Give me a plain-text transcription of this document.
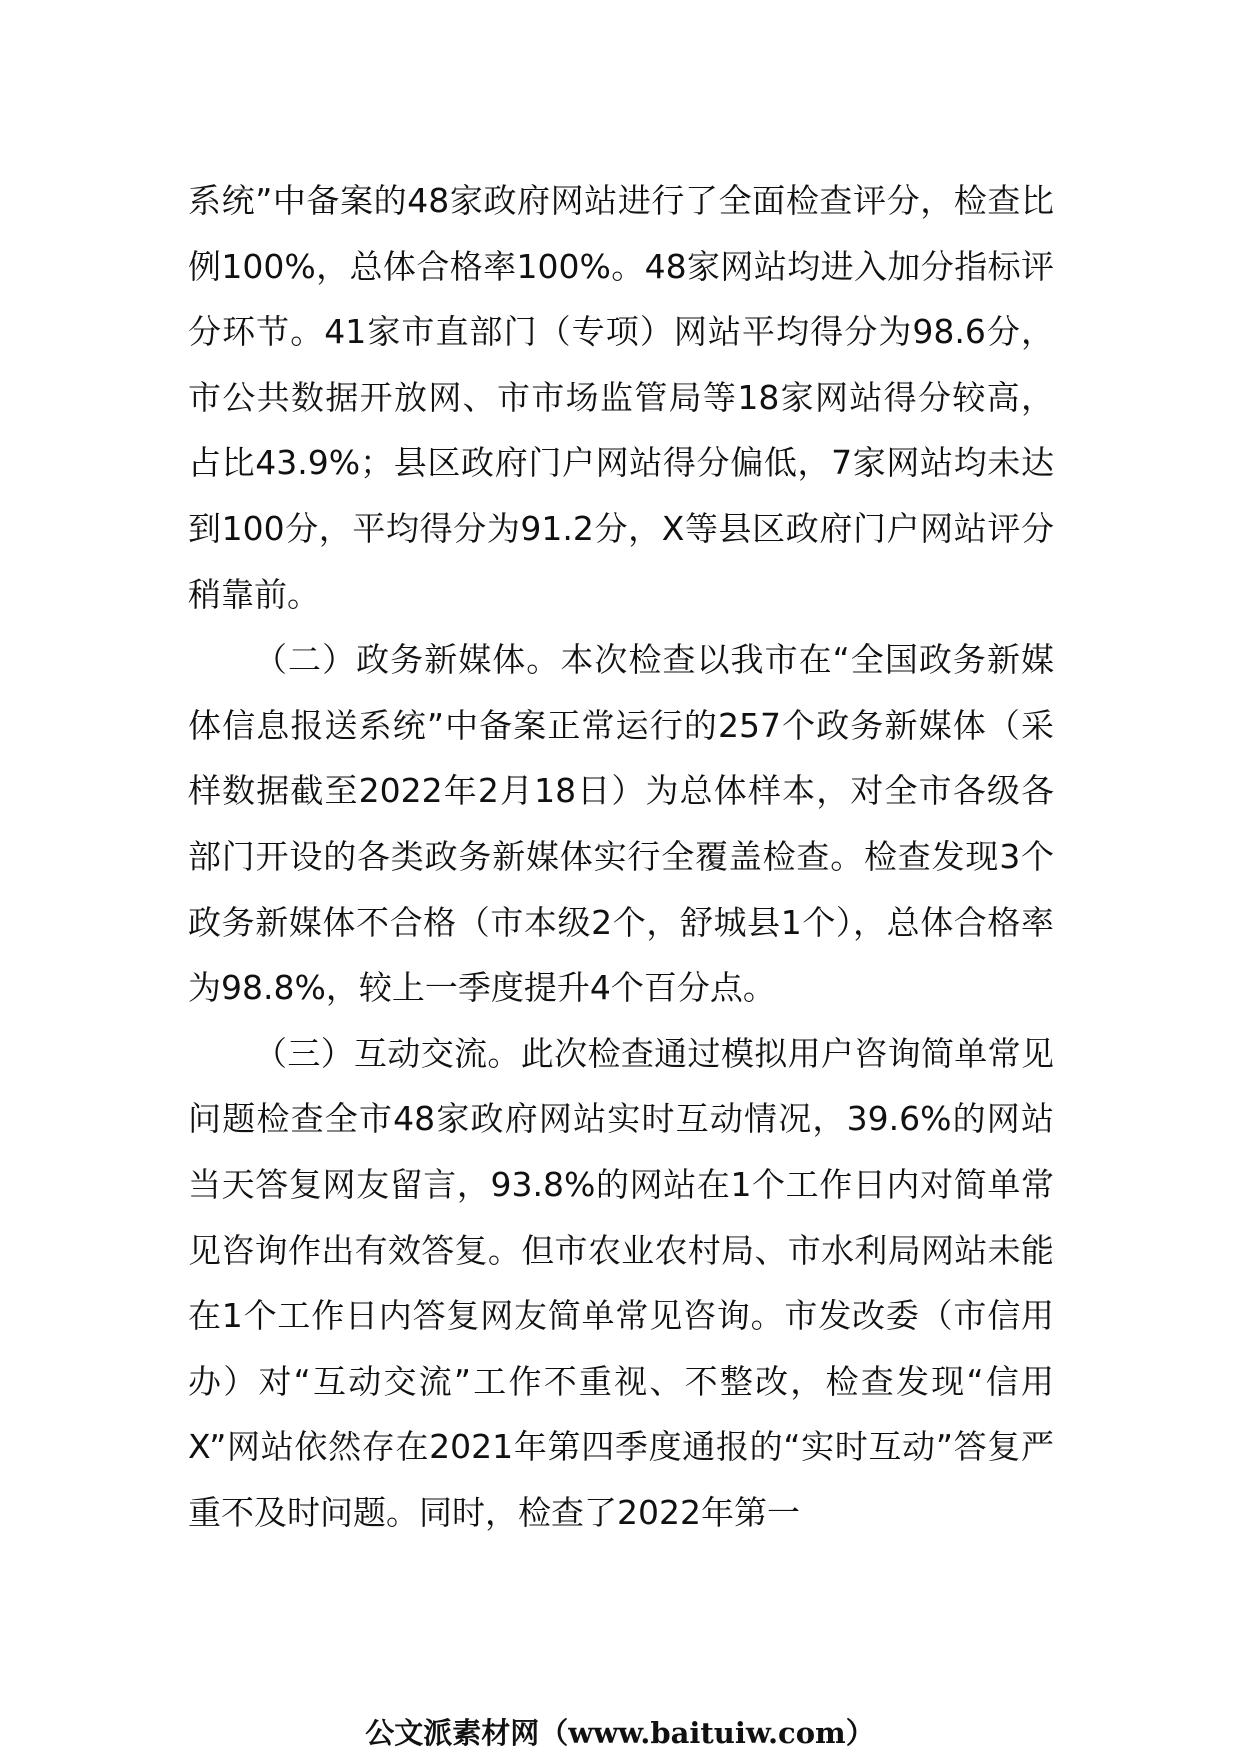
系统”中备案的48家政府网站进行了全面检查评分，检查比例100%，总体合格率100%。48家网站均进入加分指标评分环节。41家市直部门（专项）网站平均得分为98.6分，市公共数据开放网、市市场监管局等18家网站得分较高，占比43.9%；县区政府门户网站得分偏低，7家网站均未达到100分，平均得分为91.2分，X等县区政府门户网站评分稍靠前。

（二）政务新媒体。本次检查以我市在“全国政务新媒体信息报送系统”中备案正常运行的257个政务新媒体（采样数据截至2022年2月18日）为总体样本，对全市各级各部门开设的各类政务新媒体实行全覆盖检查。检查发现3个政务新媒体不合格（市本级2个，舒城县1个），总体合格率为98.8%，较上一季度提升4个百分点。

（三）互动交流。此次检查通过模拟用户咨询简单常见问题检查全市48家政府网站实时互动情况，39.6%的网站当天答复网友留言，93.8%的网站在1个工作日内对简单常见咨询作出有效答复。但市农业农村局、市水利局网站未能在1个工作日内答复网友简单常见咨询。市发改委（市信用办）对“互动交流”工作不重视、不整改，检查发现“信用X”网站依然存在2021年第四季度通报的“实时互动”答复严重不及时问题。同时，检查了2022年第一

公文派素材网（www.baituiw.com）
